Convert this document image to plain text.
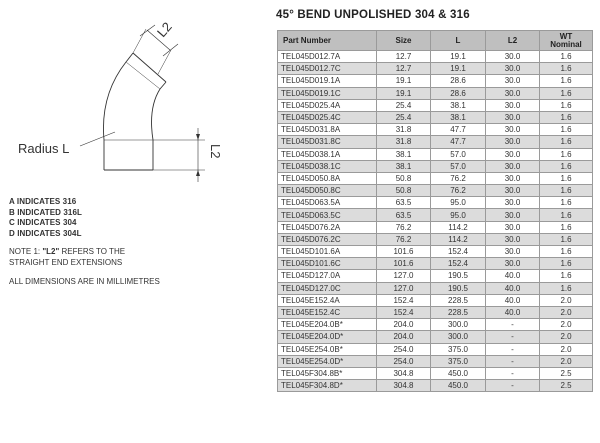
Radius L
L2
L2
A INDICATES 316
B INDICATED 316L
C INDICATES 304
D INDICATES 304L
NOTE 1: "L2" REFERS TO THE
STRAIGHT END EXTENSIONS
ALL DIMENSIONS ARE IN MILLIMETRES
45° BEND UNPOLISHED 304 & 316
Part Number	Size	L	L2	WT
Nominal
TEL045D012.7A	12.7	19.1	30.0	1.6
TEL045D012.7C	12.7	19.1	30.0	1.6
TEL045D019.1A	19.1	28.6	30.0	1.6
TEL045D019.1C	19.1	28.6	30.0	1.6
TEL045D025.4A	25.4	38.1	30.0	1.6
TEL045D025.4C	25.4	38.1	30.0	1.6
TEL045D031.8A	31.8	47.7	30.0	1.6
TEL045D031.8C	31.8	47.7	30.0	1.6
TEL045D038.1A	38.1	57.0	30.0	1.6
TEL045D038.1C	38.1	57.0	30.0	1.6
TEL045D050.8A	50.8	76.2	30.0	1.6
TEL045D050.8C	50.8	76.2	30.0	1.6
TEL045D063.5A	63.5	95.0	30.0	1.6
TEL045D063.5C	63.5	95.0	30.0	1.6
TEL045D076.2A	76.2	114.2	30.0	1.6
TEL045D076.2C	76.2	114.2	30.0	1.6
TEL045D101.6A	101.6	152.4	30.0	1.6
TEL045D101.6C	101.6	152.4	30.0	1.6
TEL045D127.0A	127.0	190.5	40.0	1.6
TEL045D127.0C	127.0	190.5	40.0	1.6
TEL045E152.4A	152.4	228.5	40.0	2.0
TEL045E152.4C	152.4	228.5	40.0	2.0
TEL045E204.0B*	204.0	300.0	-	2.0
TEL045E204.0D*	204.0	300.0	-	2.0
TEL045E254.0B*	254.0	375.0	-	2.0
TEL045E254.0D*	254.0	375.0	-	2.0
TEL045F304.8B*	304.8	450.0	-	2.5
TEL045F304.8D*	304.8	450.0	-	2.5
